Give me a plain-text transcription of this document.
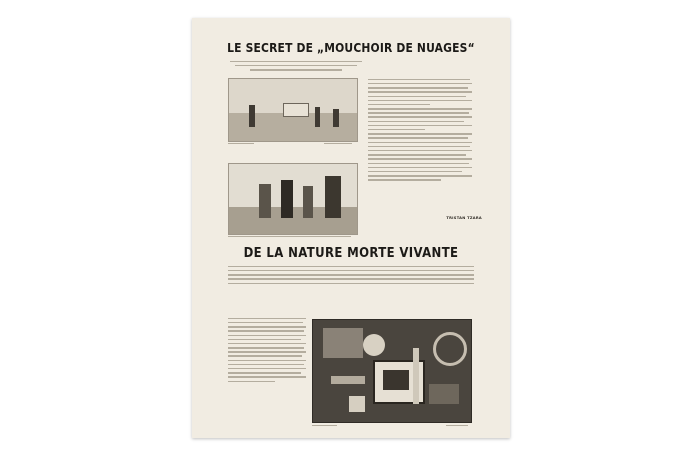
LE SECRET DE „MOUCHOIR DE NUAGES“

TRISTAN TZARA
DE LA NATURE MORTE VIVANTE
